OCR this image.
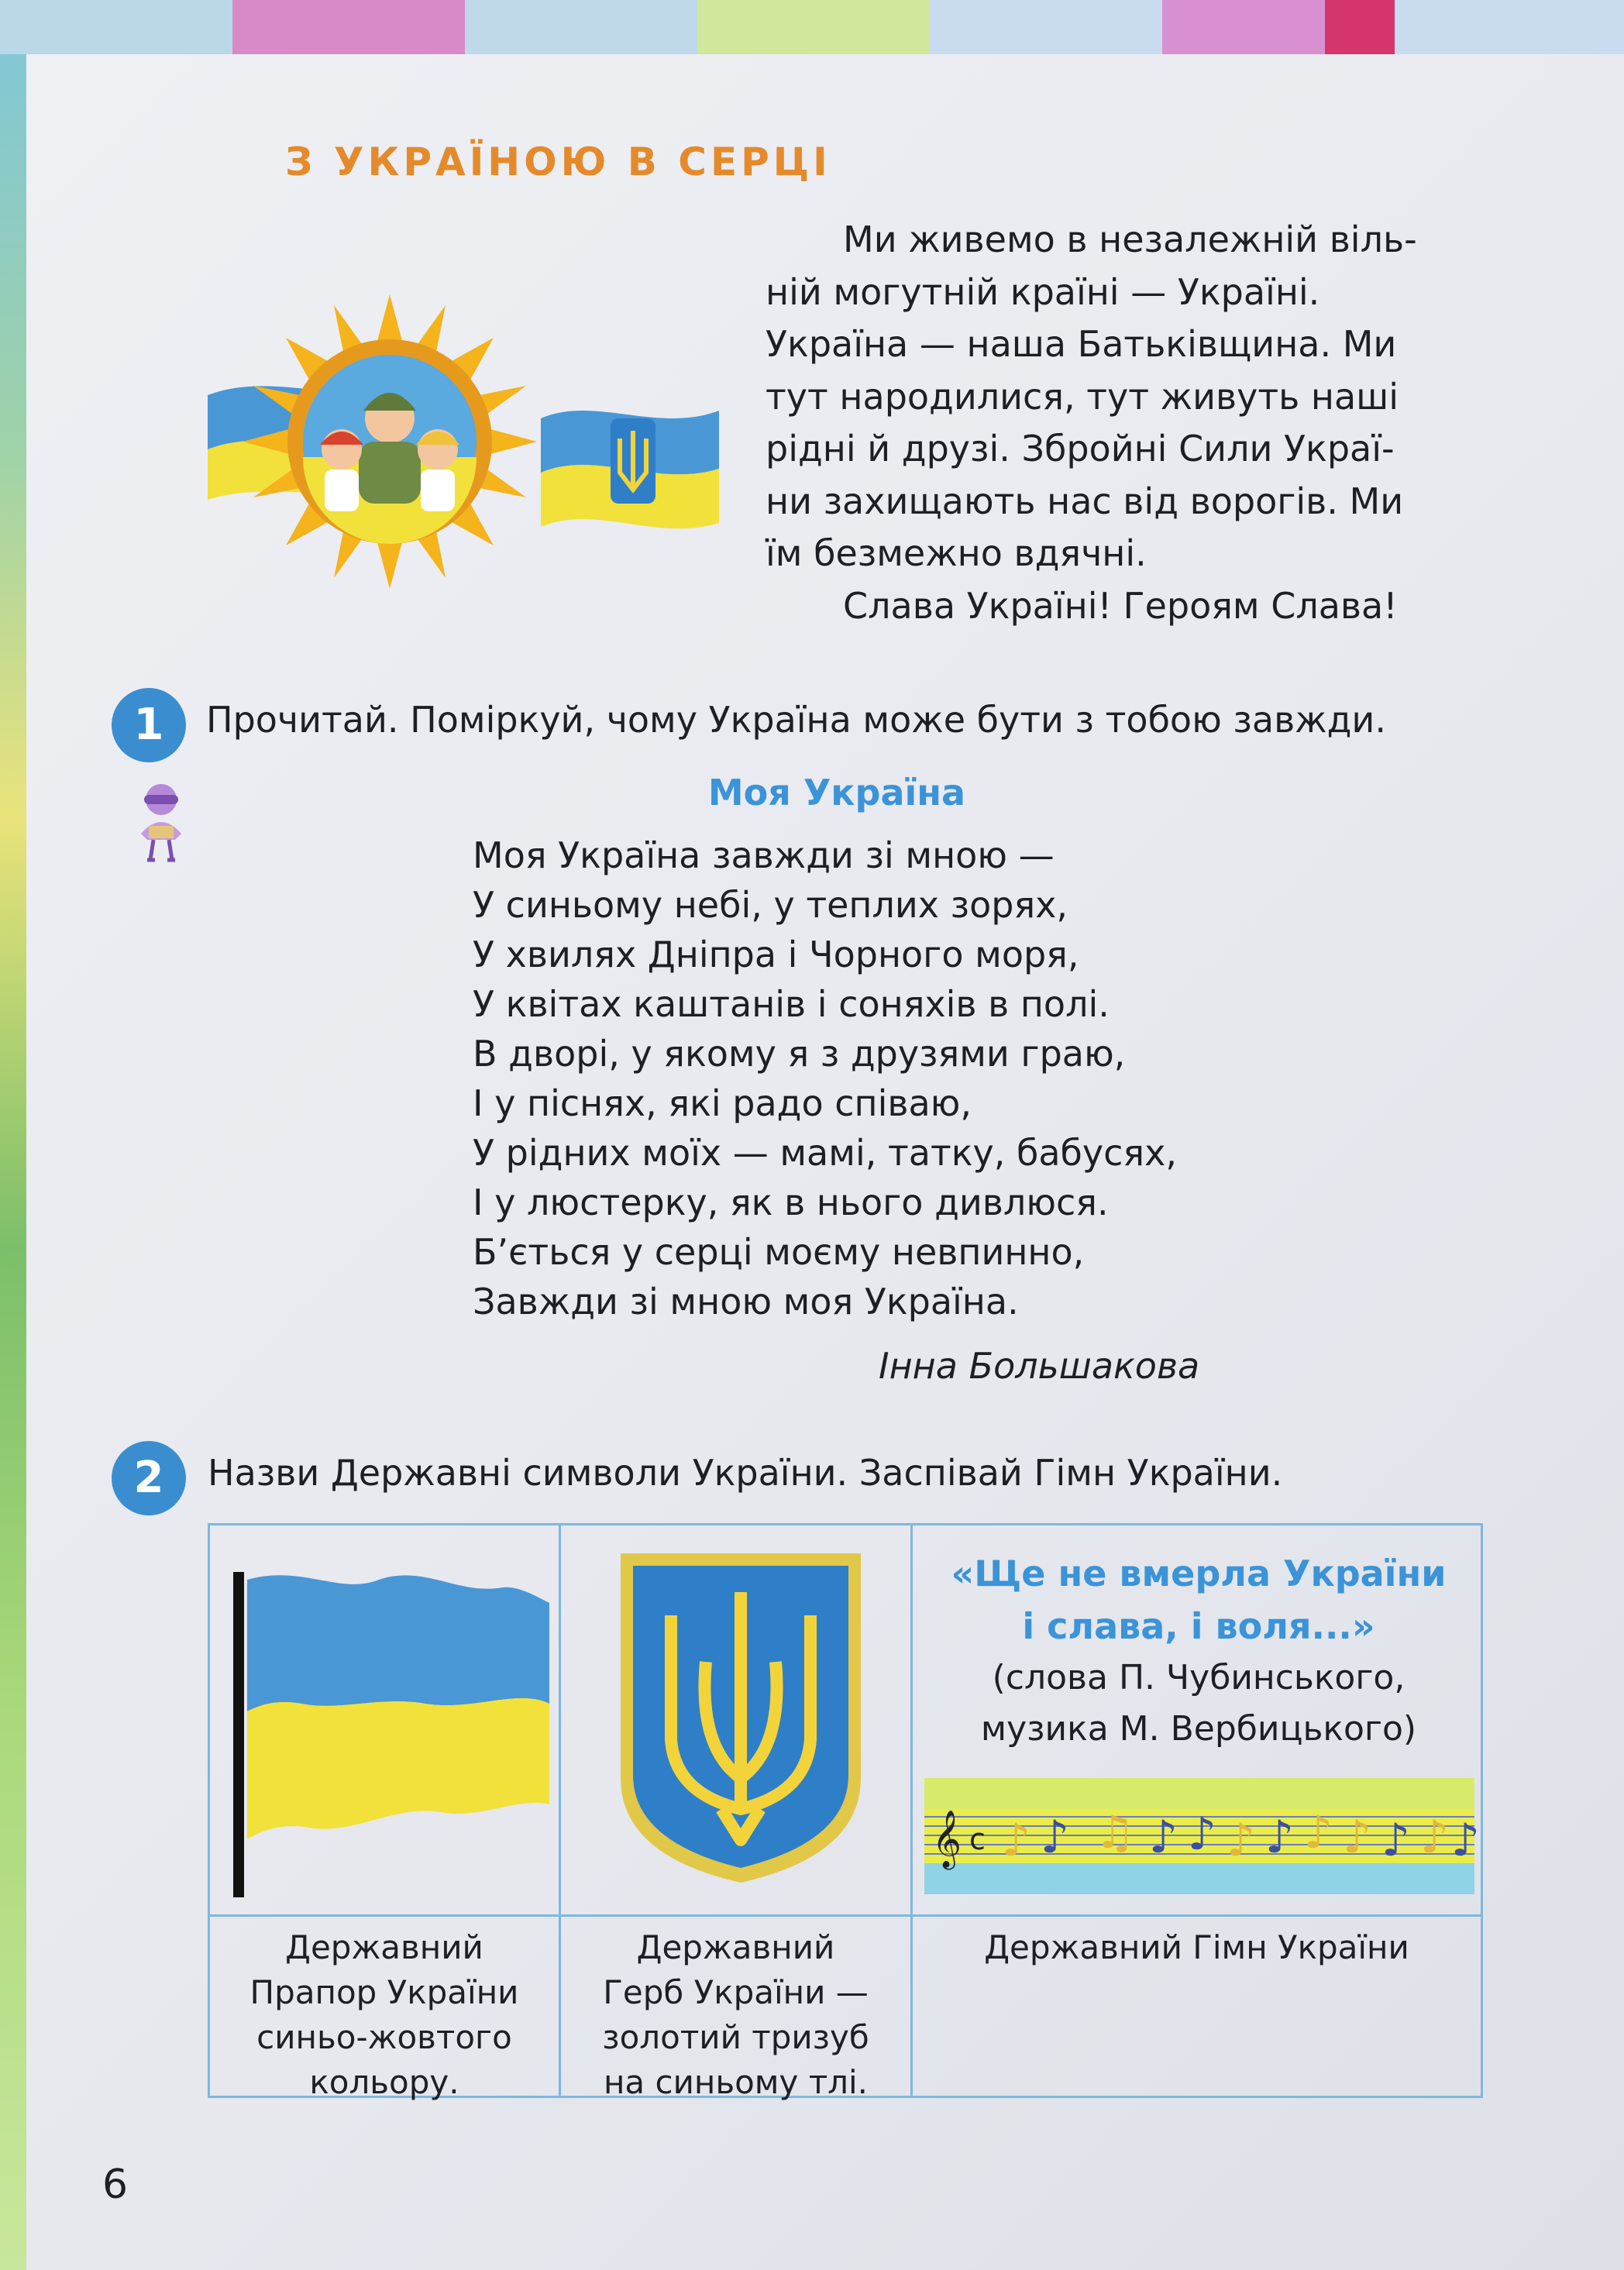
З УКРАЇНОЮ В СЕРЦІ

Ми живемо в незалежній віль-

ній могутній країні — Україні.

Україна — наша Батьківщина. Ми

тут народилися, тут живуть наші

рідні й друзі. Збройні Сили Украї-

ни захищають нас від ворогів. Ми

їм безмежно вдячні.

Слава Україні! Героям Слава!

1	Прочитай. Поміркуй, чому Україна може бути з тобою завжди.

Моя Україна
Моя Україна завжди зі мною —
У синьому небі, у теплих зорях,
У хвилях Дніпра і Чорного моря,
У квітах каштанів і соняхів в полі.
В дворі, у якому я з друзями граю,
І у піснях, які радо співаю,
У рідних моїх — мамі, татку, бабусях,
І у люстерку, як в нього дивлюся.
Б’ється у серці моєму невпинно,
Завжди зі мною моя Україна.

Інна Большакова

2	Назви Державні символи України. Заспівай Гімн України.

«Ще не вмерла України
і слава, і воля...»
(слова П. Чубинського,
музика М. Вербицького)

𝄞 c ♪ ♪ ♫ ♪ ♪ ♪ ♪ ♪ ♪ ♪ ♪ ♪

Державний
Прапор України
синьо-жовтого
кольору.

Державний
Герб України —
золотий тризуб
на синьому тлі.

Державний Гімн України

6
